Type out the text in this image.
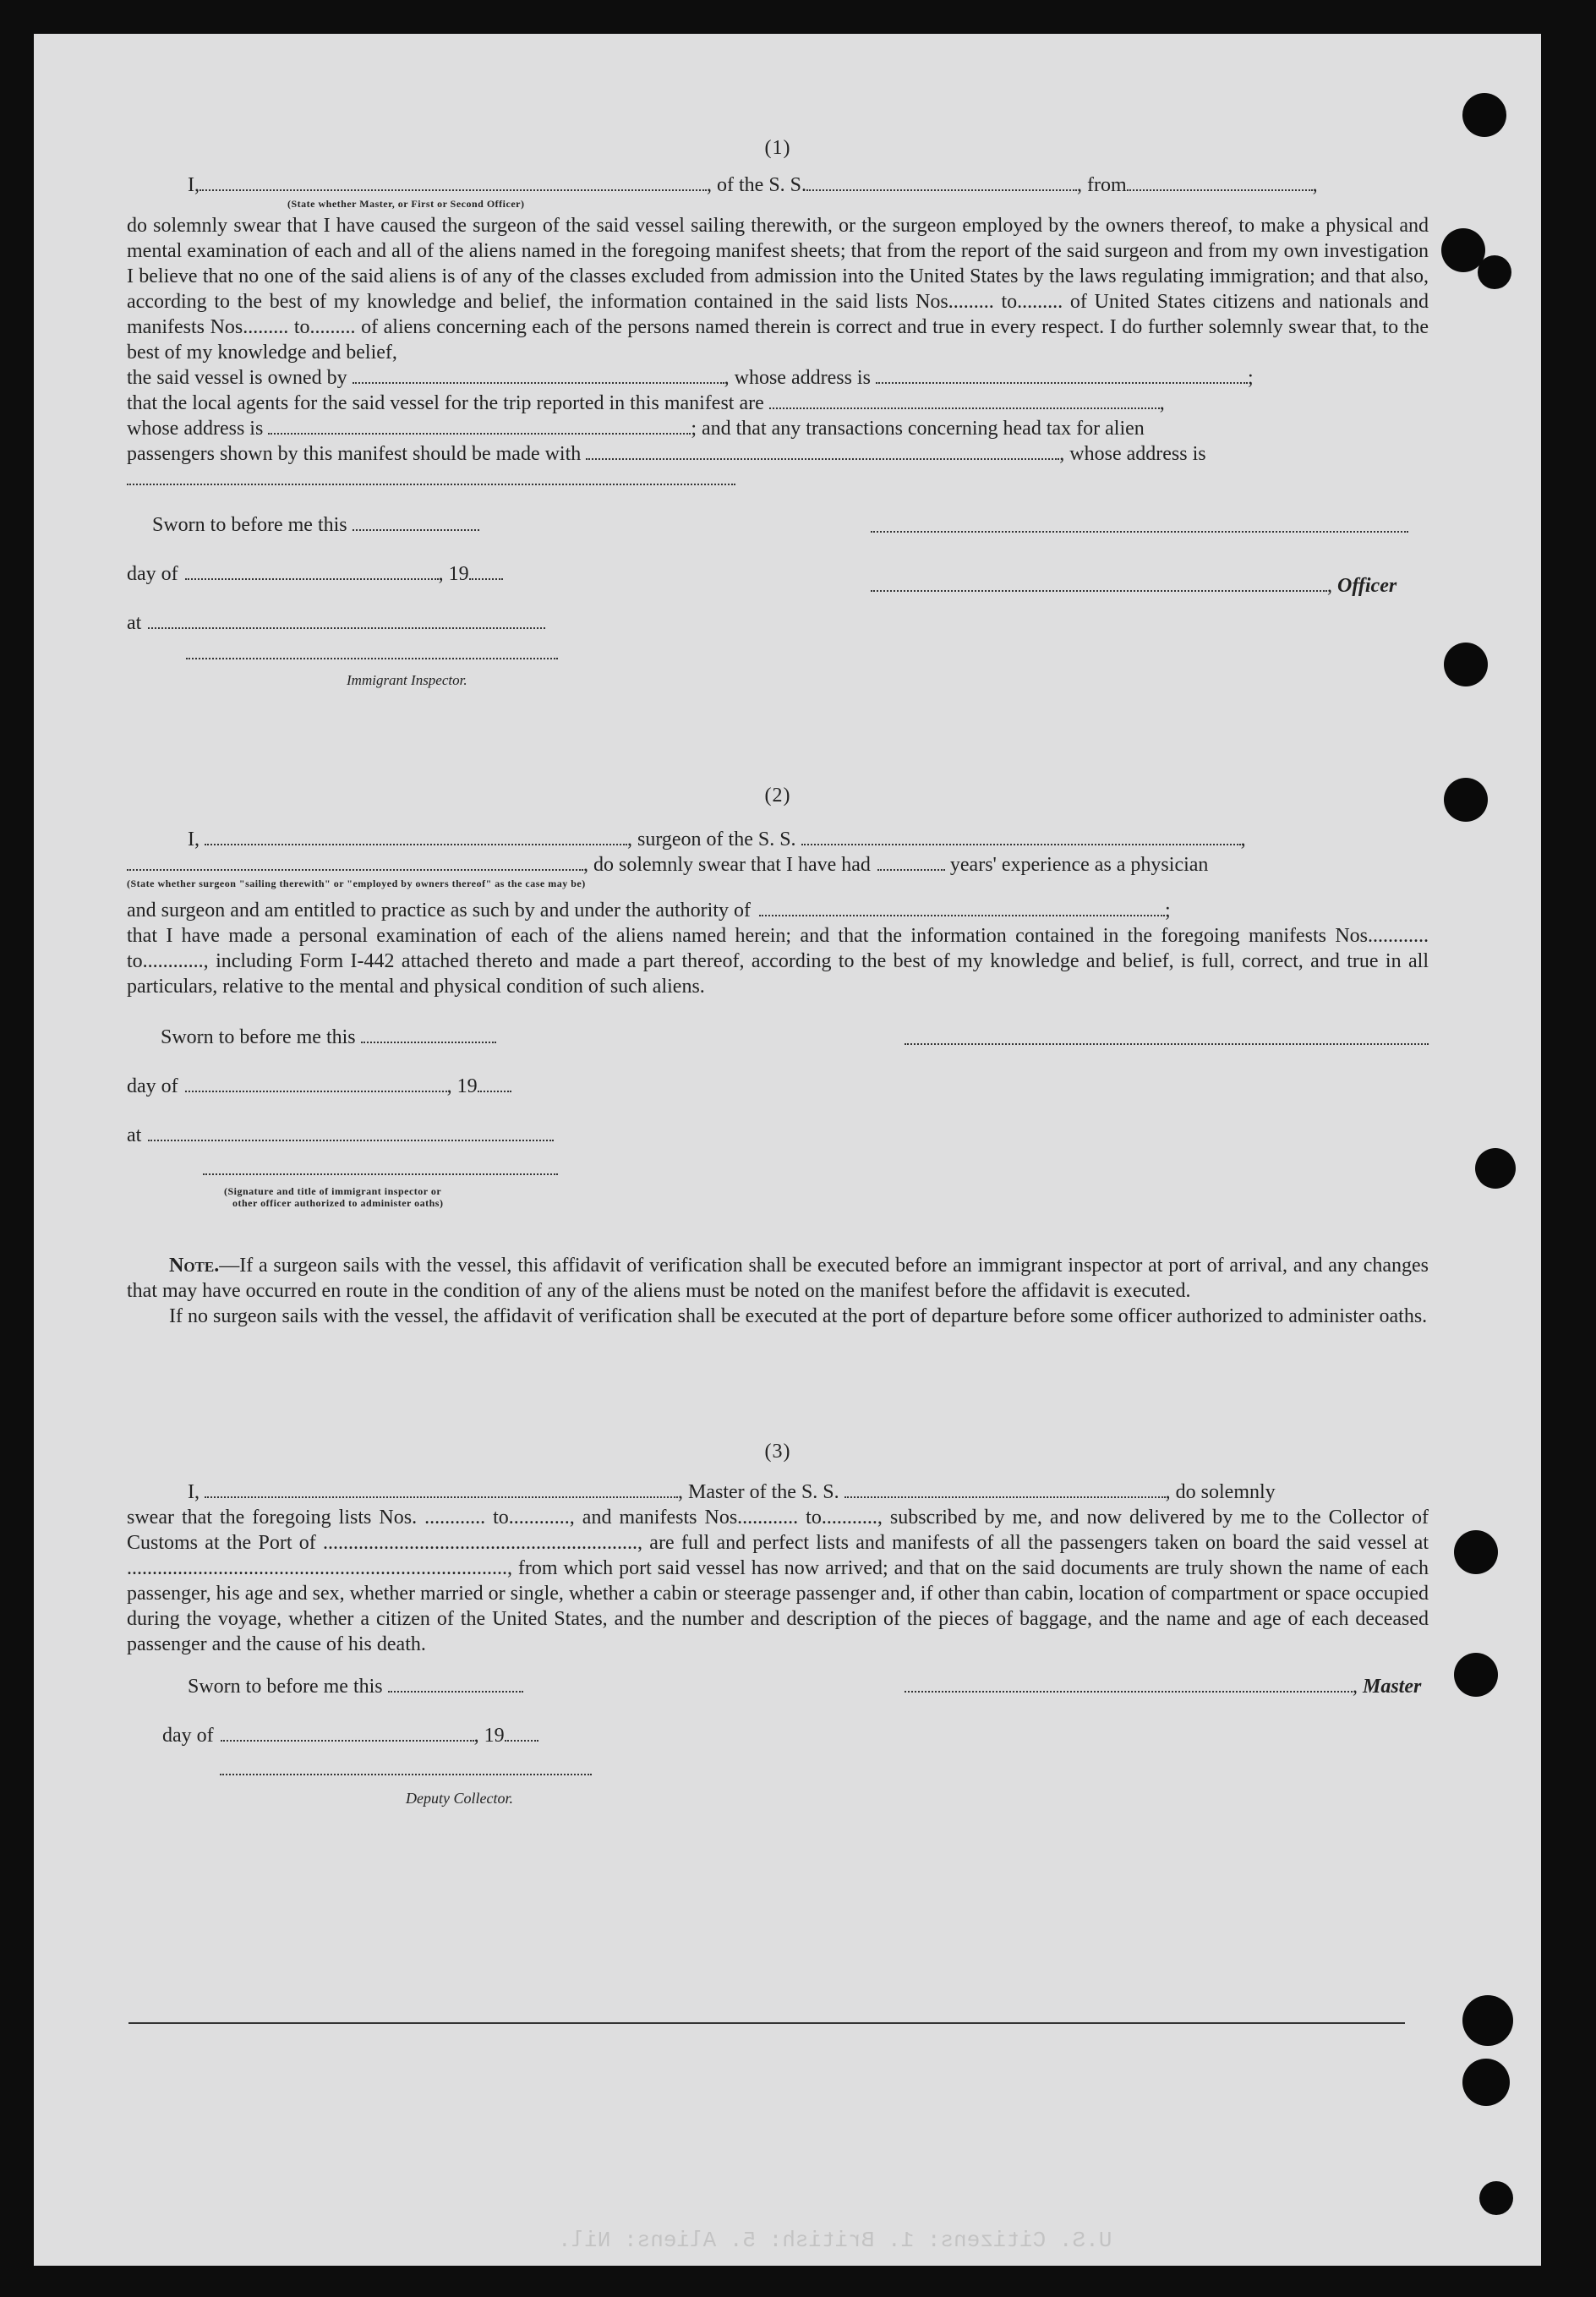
U.S. Citizens: 1. British: 5. Aliens: Nil.
(1)
I,	, of the S. S.	, from	,
(State whether Master, or First or Second Officer)

do solemnly swear that I have caused the surgeon of the said vessel sailing therewith, or the surgeon employed by the owners thereof, to make a physical and mental examination of each and all of the aliens named in the foregoing manifest sheets; that from the report of the said surgeon and from my own investigation I believe that no one of the said aliens is of any of the classes excluded from admission into the United States by the laws regulating immigration; and that also, according to the best of my knowledge and belief, the information contained in the said lists Nos......... to......... of United States citizens and nationals and manifests Nos......... to......... of aliens concerning each of the persons named therein is correct and true in every respect. I do further solemnly swear that, to the best of my knowledge and belief,

the said vessel is owned by	, whose address is	;
that the local agents for the said vessel for the trip reported in this manifest are	,
whose address is	; and that any transactions concerning head tax for alien
passengers shown by this manifest should be made with	, whose address is
Sworn to before me this
day of	, 19
at
Immigrant Inspector.
, Officer
(2)
I,	, surgeon of the S. S.	,
, do solemnly swear that I have had	years' experience as a physician
(State whether surgeon "sailing therewith" or "employed by owners thereof" as the case may be)
and surgeon and am entitled to practice as such by and under the authority of	;

that I have made a personal examination of each of the aliens named herein; and that the information contained in the foregoing manifests Nos............ to............, including Form I-442 attached thereto and made a part thereof, according to the best of my knowledge and belief, is full, correct, and true in all particulars, relative to the mental and physical condition of such aliens.

Sworn to before me this
day of	, 19
at
(Signature and title of immigrant inspector or
other officer authorized to administer oaths)

Note.—If a surgeon sails with the vessel, this affidavit of verification shall be executed before an immigrant inspector at port of arrival, and any changes that may have occurred en route in the condition of any of the aliens must be noted on the manifest before the affidavit is executed.

If no surgeon sails with the vessel, the affidavit of verification shall be executed at the port of departure before some officer authorized to administer oaths.

(3)
I,	, Master of the S. S.	, do solemnly

swear that the foregoing lists Nos. ............ to............, and manifests Nos............ to..........., subscribed by me, and now delivered by me to the Collector of Customs at the Port of .............................................................., are full and perfect lists and manifests of all the passengers taken on board the said vessel at ..........................................................................., from which port said vessel has now arrived; and that on the said documents are truly shown the name of each passenger, his age and sex, whether married or single, whether a cabin or steerage passenger and, if other than cabin, location of compartment or space occupied during the voyage, whether a citizen of the United States, and the number and description of the pieces of baggage, and the name and age of each deceased passenger and the cause of his death.

Sworn to before me this
day of	, 19
Deputy Collector.
, Master
